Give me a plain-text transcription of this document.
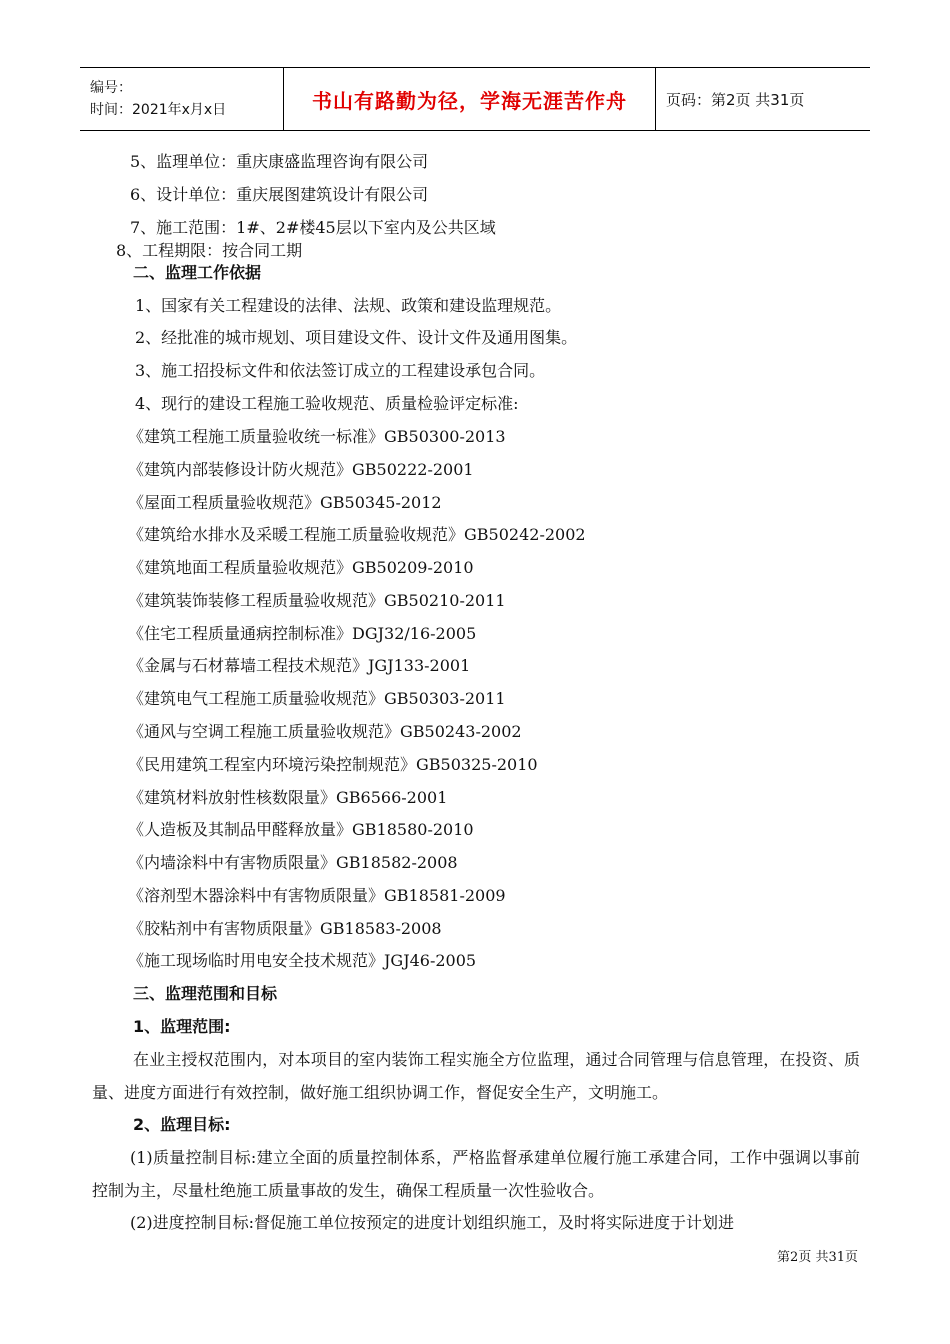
编号：
时间：2021年x月x日	书山有路勤为径，学海无涯苦作舟	页码：第2页 共31页
5、监理单位：重庆康盛监理咨询有限公司
6、设计单位：重庆展图建筑设计有限公司
7、施工范围：1#、2#楼45层以下室内及公共区域
8、工程期限：按合同工期
二、监理工作依据
1、国家有关工程建设的法律、法规、政策和建设监理规范。
2、经批准的城市规划、项目建设文件、设计文件及通用图集。
3、施工招投标文件和依法签订成立的工程建设承包合同。
4、现行的建设工程施工验收规范、质量检验评定标准:
《建筑工程施工质量验收统一标准》GB50300-2013
《建筑内部装修设计防火规范》GB50222-2001
《屋面工程质量验收规范》GB50345-2012
《建筑给水排水及采暖工程施工质量验收规范》GB50242-2002
《建筑地面工程质量验收规范》GB50209-2010
《建筑装饰装修工程质量验收规范》GB50210-2011
《住宅工程质量通病控制标准》DGJ32/16-2005
《金属与石材幕墙工程技术规范》JGJ133-2001
《建筑电气工程施工质量验收规范》GB50303-2011
《通风与空调工程施工质量验收规范》GB50243-2002
《民用建筑工程室内环境污染控制规范》GB50325-2010
《建筑材料放射性核数限量》GB6566-2001
《人造板及其制品甲醛释放量》GB18580-2010
《内墙涂料中有害物质限量》GB18582-2008
《溶剂型木器涂料中有害物质限量》GB18581-2009
《胶粘剂中有害物质限量》GB18583-2008
《施工现场临时用电安全技术规范》JGJ46-2005
三、监理范围和目标
1、监理范围:
在业主授权范围内，对本项目的室内装饰工程实施全方位监理，通过合同管理与信息管理，在投资、质量、进度方面进行有效控制，做好施工组织协调工作，督促安全生产，文明施工。
2、监理目标:
(1)质量控制目标:建立全面的质量控制体系，严格监督承建单位履行施工承建合同，工作中强调以事前控制为主，尽量杜绝施工质量事故的发生，确保工程质量一次性验收合。
(2)进度控制目标:督促施工单位按预定的进度计划组织施工，及时将实际进度于计划进
第2页 共31页
